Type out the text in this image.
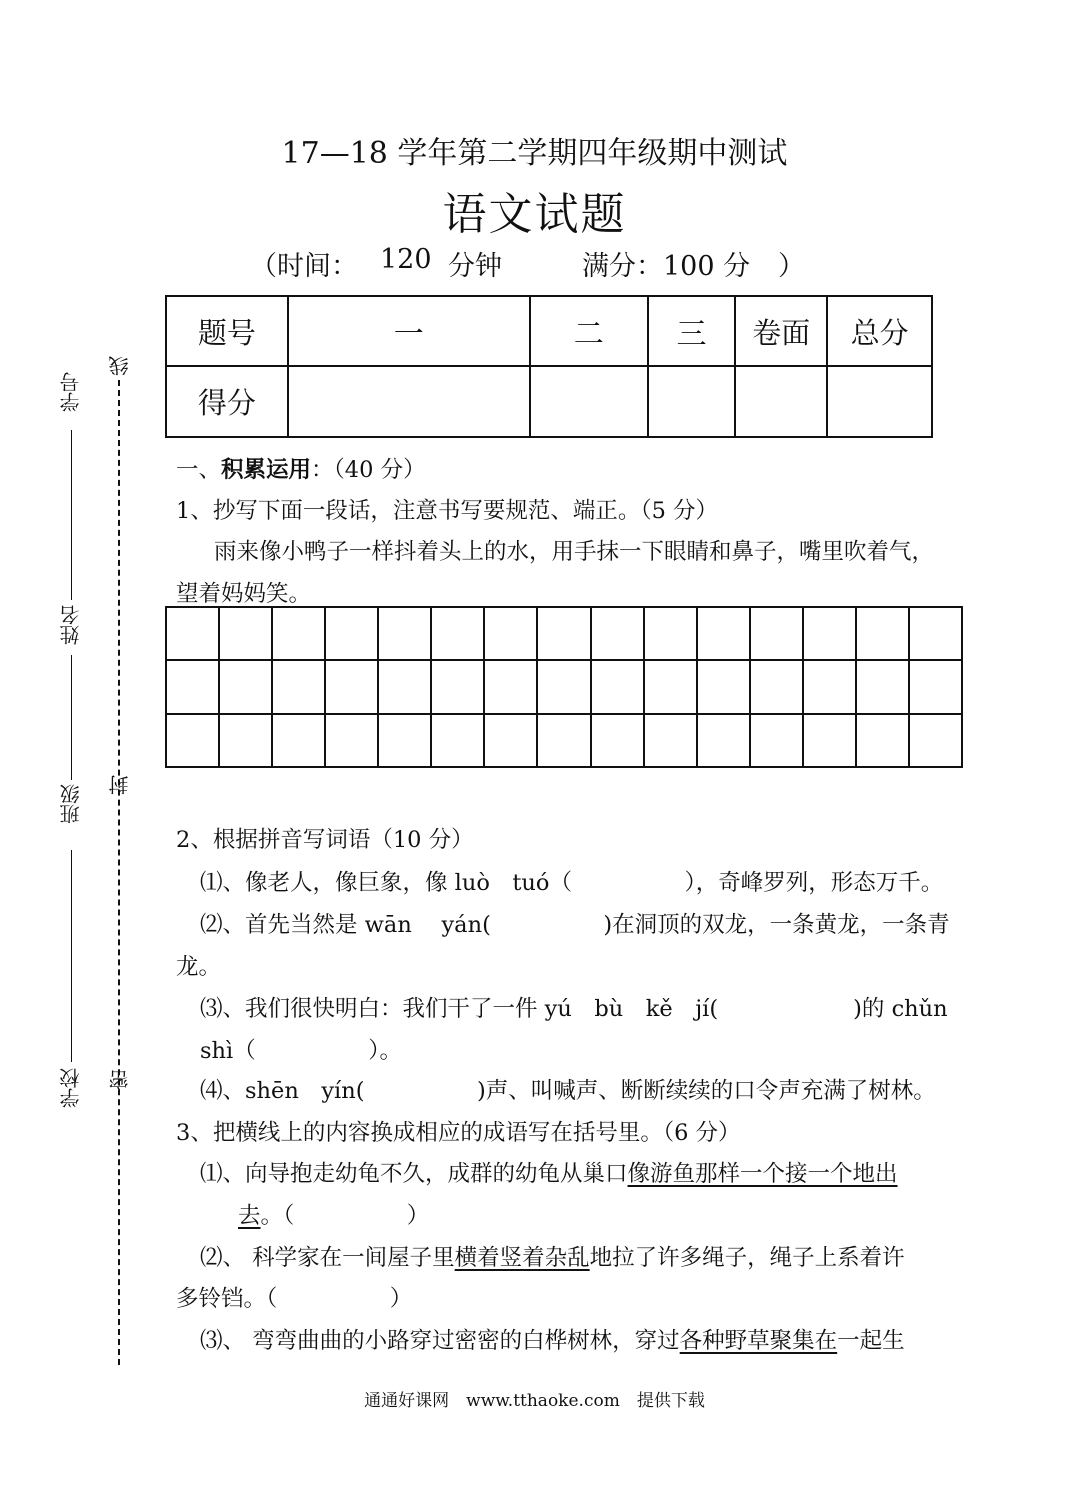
17—18 学年第二学期四年级期中测试
语文试题
（时间： 120 分钟	满分：100 分 ）
题号	一	二	三	卷面	总分
得分					
学校
班级
姓名
学号
密
封
线
一、积累运用：（40 分）
1、抄写下面一段话，注意书写要规范、端正。（5 分）
雨来像小鸭子一样抖着头上的水，用手抹一下眼睛和鼻子，嘴里吹着气，
望着妈妈笑。

2、根据拼音写词语（10 分）
⑴、像老人，像巨象，像 luò　tuó（　　　　　），奇峰罗列，形态万千。
⑵、首先当然是 wān　 yán(　　　　　)在洞顶的双龙，一条黄龙，一条青
龙。
⑶、我们很快明白：我们干了一件 yú　bù　kě　jí(　　　　　　)的 chǔn
shì（　　　　　）。
⑷、shēn　yín(　　　　　)声、叫喊声、断断续续的口令声充满了树林。
3、把横线上的内容换成相应的成语写在括号里。（6 分）
⑴、向导抱走幼龟不久，成群的幼龟从巢口像游鱼那样一个接一个地出
去。（　　　　　）
⑵、 科学家在一间屋子里横着竖着杂乱地拉了许多绳子，绳子上系着许
多铃铛。（　　　　　）
⑶、 弯弯曲曲的小路穿过密密的白桦树林，穿过各种野草聚集在一起生
通通好课网　www.tthaoke.com　提供下载
